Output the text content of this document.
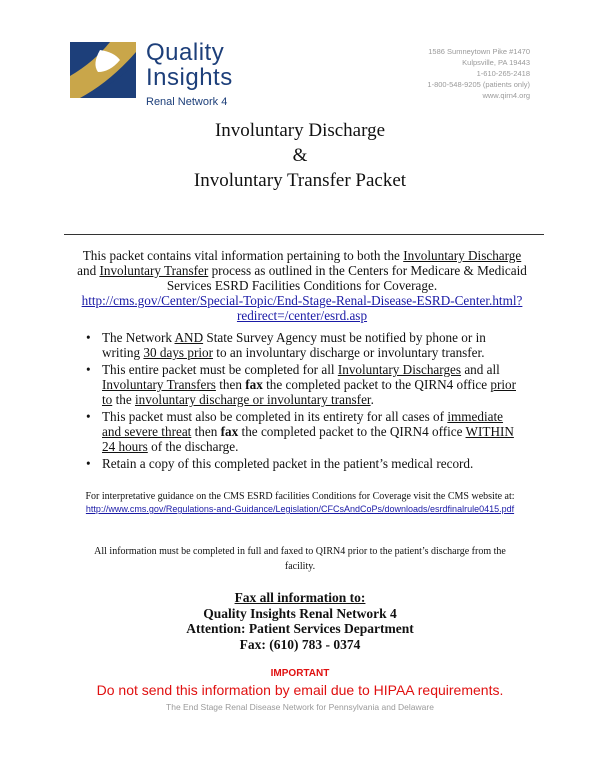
Quality
Insights
Renal Network 4
1586 Sumneytown Pike #1470
Kulpsville, PA 19443
1-610-265-2418
1-800-548-9205 (patients only)
www.qirn4.org
Involuntary Discharge
&
Involuntary Transfer Packet
This packet contains vital information pertaining to both the Involuntary Discharge and Involuntary Transfer process as outlined in the Centers for Medicare & Medicaid Services ESRD Facilities Conditions for Coverage.
http://cms.gov/Center/Special-Topic/End-Stage-Renal-Disease-ESRD-Center.html?redirect=/center/esrd.asp
• The Network AND State Survey Agency must be notified by phone or in writing 30 days prior to an involuntary discharge or involuntary transfer.
• This entire packet must be completed for all Involuntary Discharges and all Involuntary Transfers then fax the completed packet to the QIRN4 office prior to the involuntary discharge or involuntary transfer.
• This packet must also be completed in its entirety for all cases of immediate and severe threat then fax the completed packet to the QIRN4 office WITHIN 24 hours of the discharge.
• Retain a copy of this completed packet in the patient’s medical record.
For interpretative guidance on the CMS ESRD facilities Conditions for Coverage visit the CMS website at: http://www.cms.gov/Regulations-and-Guidance/Legislation/CFCsAndCoPs/downloads/esrdfinalrule0415.pdf
All information must be completed in full and faxed to QIRN4 prior to the patient’s discharge from the facility.
Fax all information to:
Quality Insights Renal Network 4
Attention: Patient Services Department
Fax: (610) 783 - 0374
IMPORTANT
Do not send this information by email due to HIPAA requirements.
The End Stage Renal Disease Network for Pennsylvania and Delaware
